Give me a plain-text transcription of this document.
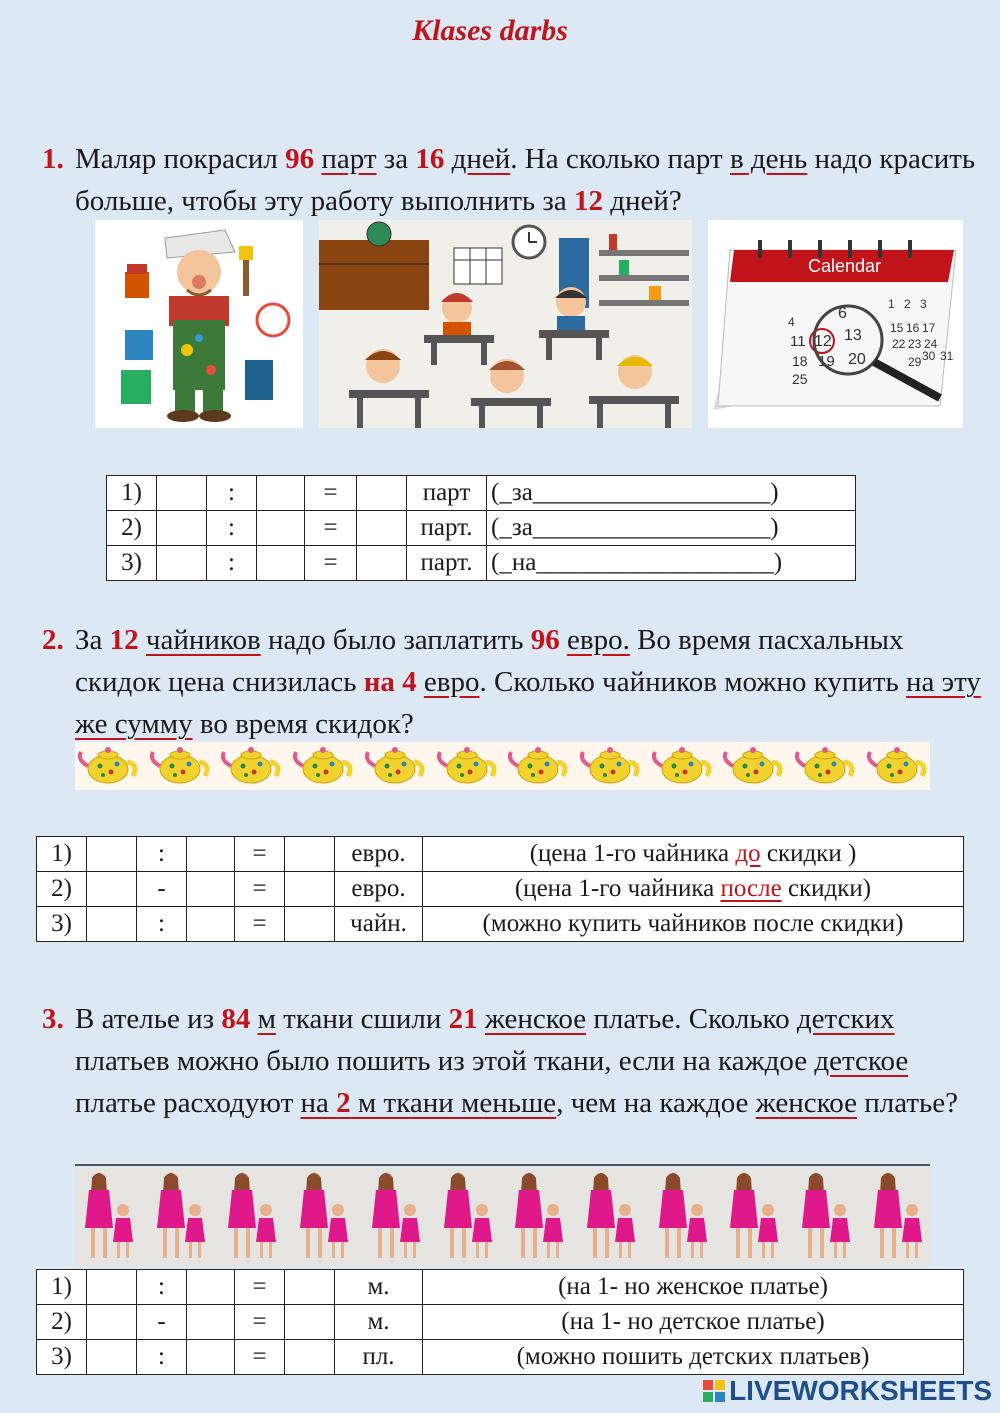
Klases darbs
1. Маляр покрасил 96 парт за 16 дней. На сколько парт в день надо красить больше, чтобы эту работу выполнить за 12 дней?
Calendar
1 2 3
4	6
11 12 13 15 16 17
18 19 20
22 23 24
25
29 30 31
1)		:		=		парт	(_за___________________)
2)		:		=		парт.	(_за___________________)
3)		:		=		парт.	(_на___________________)
2. За 12 чайников надо было заплатить 96 евро. Во время пасхальных скидок цена снизилась на 4 евро. Сколько чайников можно купить на эту же сумму во время скидок?
1)		:		=		евро.	(цена 1-го чайника до скидки )
2)		-		=		евро.	(цена 1-го чайника после скидки)
3)		:		=		чайн.	(можно купить чайников после скидки)
3. В ателье из 84 м ткани сшили 21 женское платье. Сколько детских платьев можно было пошить из этой ткани, если на каждое детское платье расходуют на 2 м ткани меньше, чем на каждое женское платье?
1)		:		=		м.	(на 1- но женское платье)
2)		-		=		м.	(на 1- но детское платье)
3)		:		=		пл.	(можно пошить детских платьев)
LIVEWORKSHEETS
